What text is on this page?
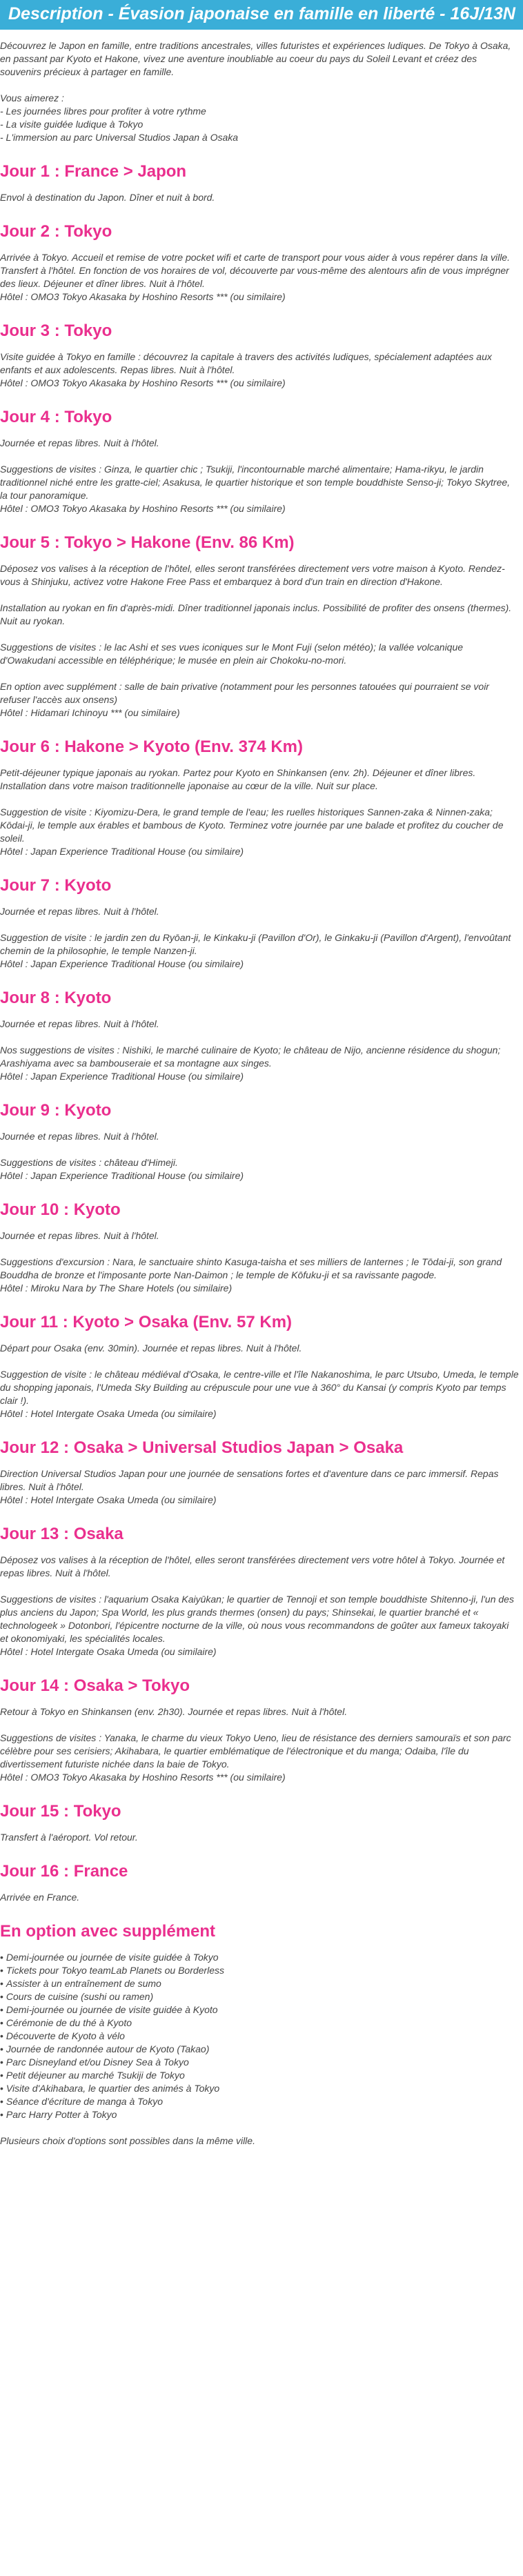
Description - Évasion japonaise en famille en liberté - 16J/13N

Découvrez le Japon en famille, entre traditions ancestrales, villes futuristes et expériences ludiques. De Tokyo à Osaka, en passant par Kyoto et Hakone, vivez une aventure inoubliable au coeur du pays du Soleil Levant et créez des souvenirs précieux à partager en famille.

Vous aimerez :

- Les journées libres pour profiter à votre rythme

- La visite guidée ludique à Tokyo

- L'immersion au parc Universal Studios Japan à Osaka

Jour 1 : France > Japon

Envol à destination du Japon. Dîner et nuit à bord.

Jour 2 : Tokyo

Arrivée à Tokyo. Accueil et remise de votre pocket wifi et carte de transport pour vous aider à vous repérer dans la ville. Transfert à l'hôtel. En fonction de vos horaires de vol, découverte par vous-même des alentours afin de vous imprégner des lieux. Déjeuner et dîner libres. Nuit à l'hôtel.

Hôtel : OMO3 Tokyo Akasaka by Hoshino Resorts *** (ou similaire)

Jour 3 : Tokyo

Visite guidée à Tokyo en famille : découvrez la capitale à travers des activités ludiques, spécialement adaptées aux enfants et aux adolescents. Repas libres. Nuit à l'hôtel.

Hôtel : OMO3 Tokyo Akasaka by Hoshino Resorts *** (ou similaire)

Jour 4 : Tokyo

Journée et repas libres. Nuit à l'hôtel.

Suggestions de visites : Ginza, le quartier chic ; Tsukiji, l'incontournable marché alimentaire; Hama-rikyu, le jardin traditionnel niché entre les gratte-ciel; Asakusa, le quartier historique et son temple bouddhiste Senso-ji; Tokyo Skytree, la tour panoramique.

Hôtel : OMO3 Tokyo Akasaka by Hoshino Resorts *** (ou similaire)

Jour 5 : Tokyo > Hakone (Env. 86 Km)

Déposez vos valises à la réception de l'hôtel, elles seront transférées directement vers votre maison à Kyoto. Rendez-vous à Shinjuku, activez votre Hakone Free Pass et embarquez à bord d'un train en direction d'Hakone.

Installation au ryokan en fin d'après-midi. Dîner traditionnel japonais inclus. Possibilité de profiter des onsens (thermes). Nuit au ryokan.

Suggestions de visites : le lac Ashi et ses vues iconiques sur le Mont Fuji (selon météo); la vallée volcanique d'Owakudani accessible en téléphérique; le musée en plein air Chokoku-no-mori.

En option avec supplément : salle de bain privative (notamment pour les personnes tatouées qui pourraient se voir refuser l'accès aux onsens)

Hôtel : Hidamari Ichinoyu *** (ou similaire)

Jour 6 : Hakone > Kyoto (Env. 374 Km)

Petit-déjeuner typique japonais au ryokan. Partez pour Kyoto en Shinkansen (env. 2h). Déjeuner et dîner libres. Installation dans votre maison traditionnelle japonaise au cœur de la ville. Nuit sur place.

Suggestion de visite : Kiyomizu-Dera, le grand temple de l'eau; les ruelles historiques Sannen-zaka & Ninnen-zaka; Kōdai-ji, le temple aux érables et bambous de Kyoto. Terminez votre journée par une balade et profitez du coucher de soleil.

Hôtel : Japan Experience Traditional House (ou similaire)

Jour 7 : Kyoto

Journée et repas libres. Nuit à l'hôtel.

Suggestion de visite : le jardin zen du Ryōan-ji, le Kinkaku-ji (Pavillon d'Or), le Ginkaku-ji (Pavillon d'Argent), l'envoûtant chemin de la philosophie, le temple Nanzen-ji.

Hôtel : Japan Experience Traditional House (ou similaire)

Jour 8 : Kyoto

Journée et repas libres. Nuit à l'hôtel.

Nos suggestions de visites : Nishiki, le marché culinaire de Kyoto; le château de Nijo, ancienne résidence du shogun; Arashiyama avec sa bambouseraie et sa montagne aux singes.

Hôtel : Japan Experience Traditional House (ou similaire)

Jour 9 : Kyoto

Journée et repas libres. Nuit à l'hôtel.

Suggestions de visites : château d'Himeji.

Hôtel : Japan Experience Traditional House (ou similaire)

Jour 10 : Kyoto

Journée et repas libres. Nuit à l'hôtel.

Suggestions d'excursion : Nara, le sanctuaire shinto Kasuga-taisha et ses milliers de lanternes ; le Tōdai-ji, son grand Bouddha de bronze et l'imposante porte Nan-Daimon ; le temple de Kōfuku-ji et sa ravissante pagode.

Hôtel : Miroku Nara by The Share Hotels (ou similaire)

Jour 11 : Kyoto > Osaka (Env. 57 Km)

Départ pour Osaka (env. 30min). Journée et repas libres. Nuit à l'hôtel.

Suggestion de visite : le château médiéval d'Osaka, le centre-ville et l'île Nakanoshima, le parc Utsubo, Umeda, le temple du shopping japonais, l'Umeda Sky Building au crépuscule pour une vue à 360° du Kansai (y compris Kyoto par temps clair !).

Hôtel : Hotel Intergate Osaka Umeda (ou similaire)

Jour 12 : Osaka > Universal Studios Japan > Osaka

Direction Universal Studios Japan pour une journée de sensations fortes et d'aventure dans ce parc immersif. Repas libres. Nuit à l'hôtel.

Hôtel : Hotel Intergate Osaka Umeda (ou similaire)

Jour 13 : Osaka

Déposez vos valises à la réception de l'hôtel, elles seront transférées directement vers votre hôtel à Tokyo. Journée et repas libres. Nuit à l'hôtel.

Suggestions de visites : l'aquarium Osaka Kaiyūkan; le quartier de Tennoji et son temple bouddhiste Shitenno-ji, l'un des plus anciens du Japon; Spa World, les plus grands thermes (onsen) du pays; Shinsekai, le quartier branché et « technologeek » Dotonbori, l'épicentre nocturne de la ville, où nous vous recommandons de goûter aux fameux takoyaki et okonomiyaki, les spécialités locales.

Hôtel : Hotel Intergate Osaka Umeda (ou similaire)

Jour 14 : Osaka > Tokyo

Retour à Tokyo en Shinkansen (env. 2h30). Journée et repas libres. Nuit à l'hôtel.

Suggestions de visites : Yanaka, le charme du vieux Tokyo Ueno, lieu de résistance des derniers samouraïs et son parc célèbre pour ses cerisiers; Akihabara, le quartier emblématique de l'électronique et du manga; Odaiba, l'île du divertissement futuriste nichée dans la baie de Tokyo.

Hôtel : OMO3 Tokyo Akasaka by Hoshino Resorts *** (ou similaire)

Jour 15 : Tokyo

Transfert à l'aéroport. Vol retour.

Jour 16 : France

Arrivée en France.

En option avec supplément
• Demi-journée ou journée de visite guidée à Tokyo
• Tickets pour Tokyo teamLab Planets ou Borderless
• Assister à un entraînement de sumo
• Cours de cuisine (sushi ou ramen)
• Demi-journée ou journée de visite guidée à Kyoto
• Cérémonie de du thé à Kyoto
• Découverte de Kyoto à vélo
• Journée de randonnée autour de Kyoto (Takao)
• Parc Disneyland et/ou Disney Sea à Tokyo
• Petit déjeuner au marché Tsukiji de Tokyo
• Visite d'Akihabara, le quartier des animés à Tokyo
• Séance d'écriture de manga à Tokyo
• Parc Harry Potter à Tokyo

Plusieurs choix d'options sont possibles dans la même ville.
